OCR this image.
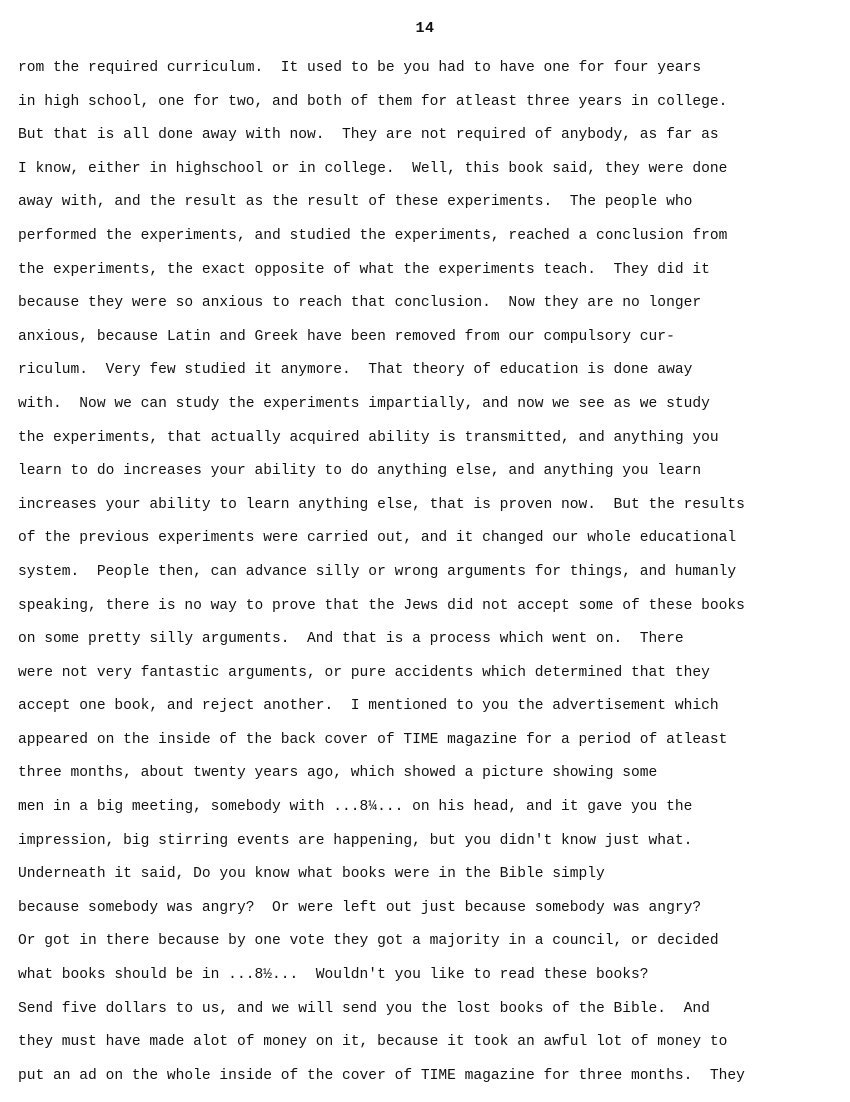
14
rom the required curriculum.  It used to be you had to have one for four years
in high school, one for two, and both of them for atleast three years in college.
But that is all done away with now.  They are not required of anybody, as far as
I know, either in highschool or in college.  Well, this book said, they were done
away with, and the result as the result of these experiments.  The people who
performed the experiments, and studied the experiments, reached a conclusion from
the experiments, the exact opposite of what the experiments teach.  They did it
because they were so anxious to reach that conclusion.  Now they are no longer
anxious, because Latin and Greek have been removed from our compulsory cur-
riculum.  Very few studied it anymore.  That theory of education is done away
with.  Now we can study the experiments impartially, and now we see as we study
the experiments, that actually acquired ability is transmitted, and anything you
learn to do increases your ability to do anything else, and anything you learn
increases your ability to learn anything else, that is proven now.  But the results
of the previous experiments were carried out, and it changed our whole educational
system.  People then, can advance silly or wrong arguments for things, and humanly
speaking, there is no way to prove that the Jews did not accept some of these books
on some pretty silly arguments.  And that is a process which went on.  There
were not very fantastic arguments, or pure accidents which determined that they
accept one book, and reject another.  I mentioned to you the advertisement which
appeared on the inside of the back cover of TIME magazine for a period of atleast
three months, about twenty years ago, which showed a picture showing some
men in a big meeting, somebody with ...8¼... on his head, and it gave you the
impression, big stirring events are happening, but you didn't know just what.
Underneath it said, Do you know what books were in the Bible simply
because somebody was angry?  Or were left out just because somebody was angry?
Or got in there because by one vote they got a majority in a council, or decided
what books should be in ...8½...  Wouldn't you like to read these books?
Send five dollars to us, and we will send you the lost books of the Bible.  And
they must have made alot of money on it, because it took an awful lot of money to
put an ad on the whole inside of the cover of TIME magazine for three months.  They
